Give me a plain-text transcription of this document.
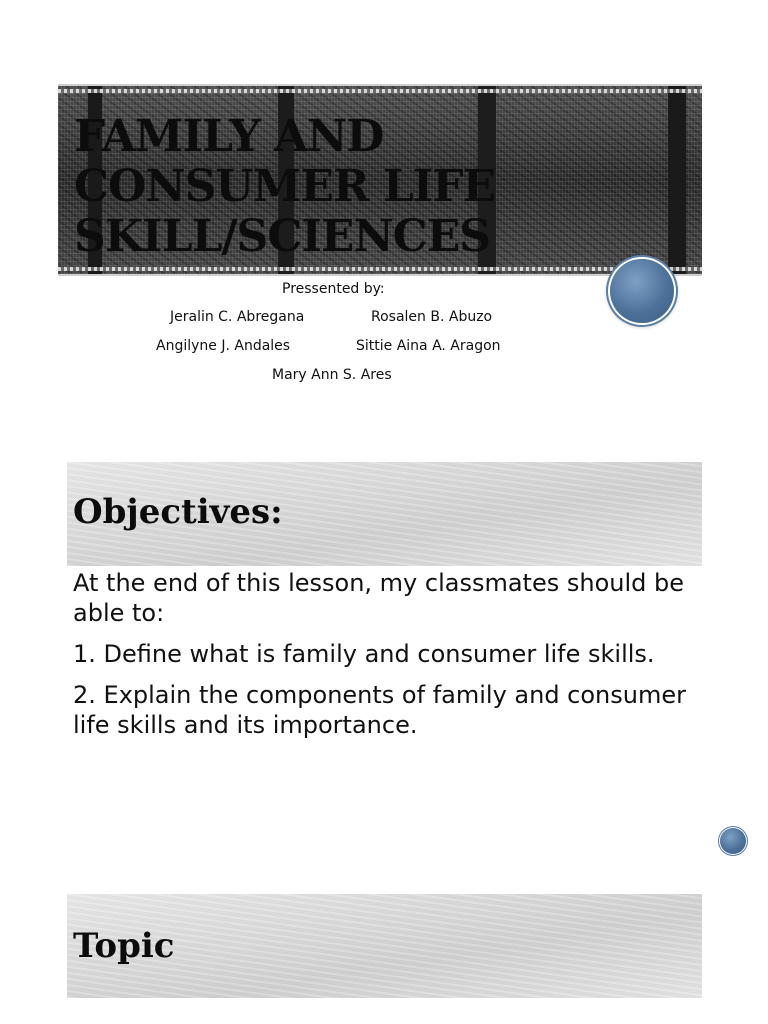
FAMILY AND
CONSUMER LIFE
SKILL/SCIENCES
Pressented by:
Jeralin C. Abregana	Rosalen B. Abuzo
Angilyne J. Andales	Sittie Aina A. Aragon
Mary Ann S. Ares
Objectives:

At the end of this lesson, my classmates should be able to:

1. Define what is family and consumer life skills.

2. Explain the components of family and consumer life skills and its importance.

Topic
